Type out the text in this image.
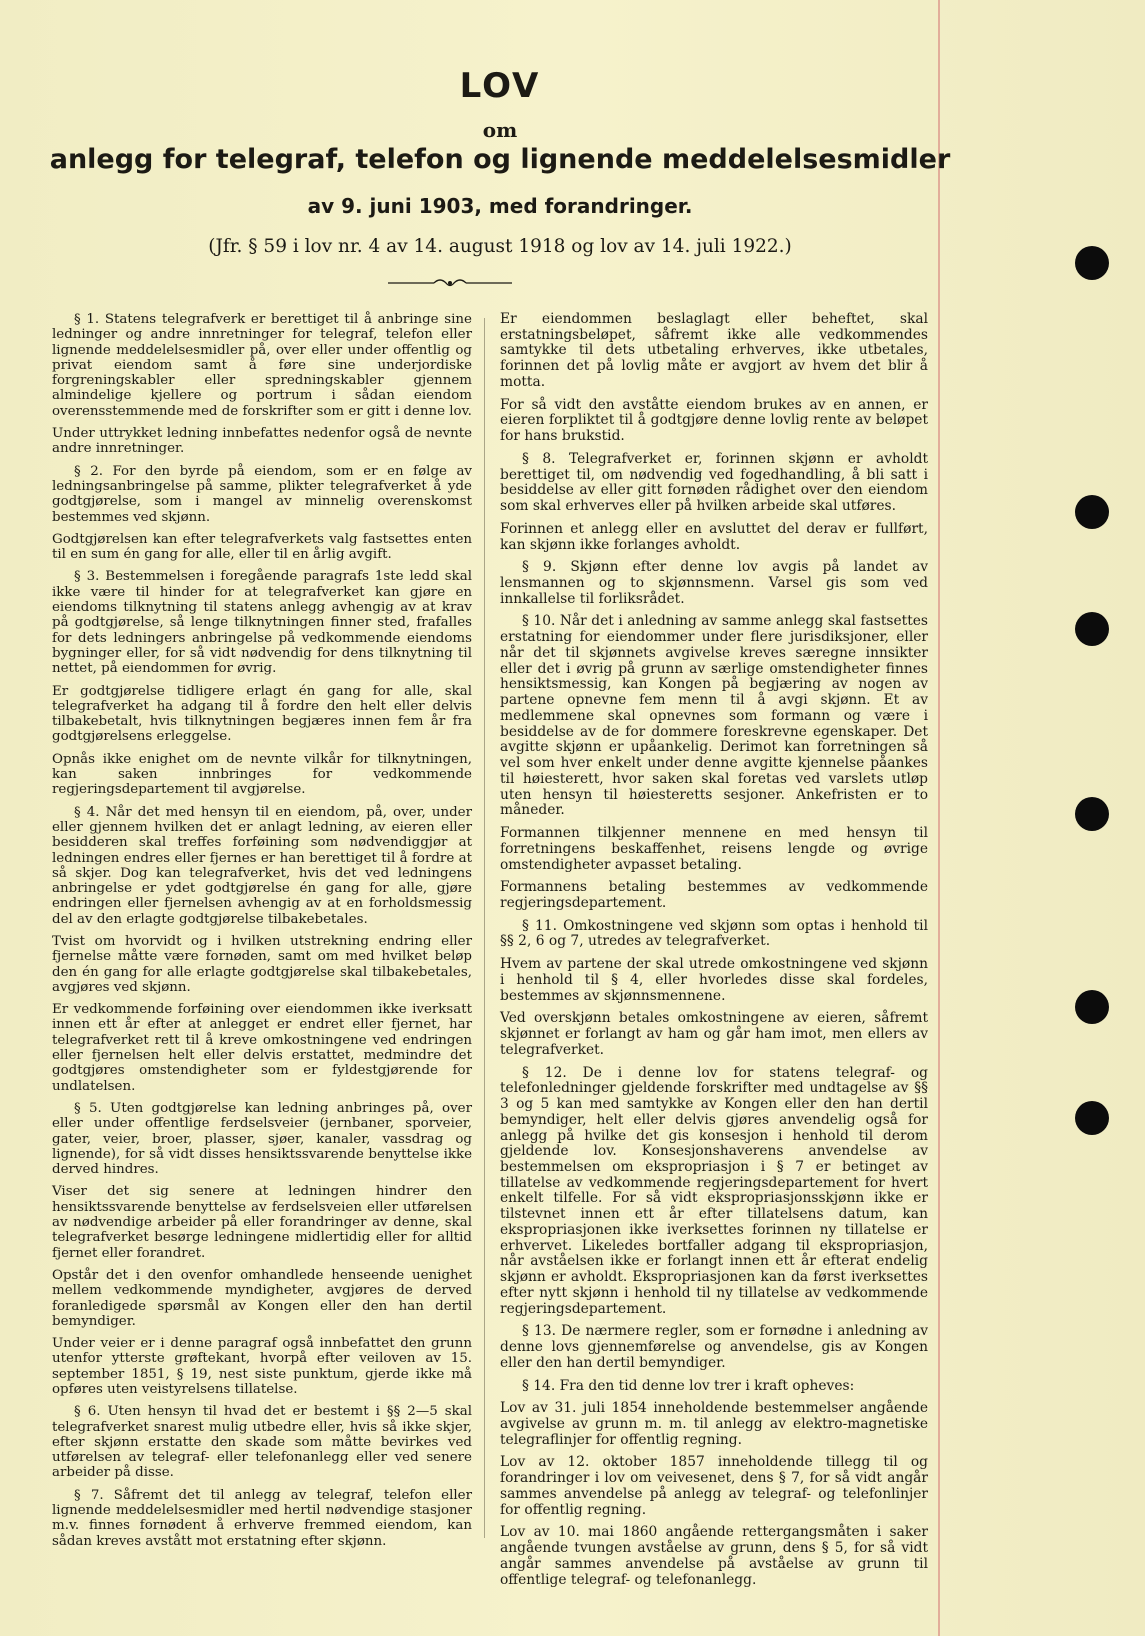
LOV
om
anlegg for telegraf, telefon og lignende meddelelsesmidler
av 9. juni 1903, med forandringer.
(Jfr. § 59 i lov nr. 4 av 14. august 1918 og lov av 14. juli 1922.)

§ 1. Statens telegrafverk er berettiget til å anbringe sine ledninger og andre innretninger for telegraf, telefon eller lignende meddelelsesmidler på, over eller under offentlig og privat eiendom samt å føre sine underjordiske forgreningskabler eller spredningskabler gjennem almindelige kjellere og portrum i sådan eiendom overensstemmende med de forskrifter som er gitt i denne lov.

Under uttrykket ledning innbefattes nedenfor også de nevnte andre innretninger.

§ 2. For den byrde på eiendom, som er en følge av ledningsanbringelse på samme, plikter telegrafverket å yde godtgjørelse, som i mangel av minnelig overenskomst bestemmes ved skjønn.

Godtgjørelsen kan efter telegrafverkets valg fastsettes enten til en sum én gang for alle, eller til en årlig avgift.

§ 3. Bestemmelsen i foregående paragrafs 1ste ledd skal ikke være til hinder for at telegrafverket kan gjøre en eiendoms tilknytning til statens anlegg avhengig av at krav på godtgjørelse, så lenge tilknytningen finner sted, frafalles for dets ledningers anbringelse på vedkommende eiendoms bygninger eller, for så vidt nødvendig for dens tilknytning til nettet, på eiendommen for øvrig.

Er godtgjørelse tidligere erlagt én gang for alle, skal telegrafverket ha adgang til å fordre den helt eller delvis tilbakebetalt, hvis tilknytningen begjæres innen fem år fra godtgjørelsens erleggelse.

Opnås ikke enighet om de nevnte vilkår for tilknytningen, kan saken innbringes for vedkommende regjeringsdepartement til avgjørelse.

§ 4. Når det med hensyn til en eiendom, på, over, under eller gjennem hvilken det er anlagt ledning, av eieren eller besidderen skal treffes forføining som nødvendiggjør at ledningen endres eller fjernes er han berettiget til å fordre at så skjer. Dog kan telegrafverket, hvis det ved ledningens anbringelse er ydet godtgjørelse én gang for alle, gjøre endringen eller fjernelsen avhengig av at en forholdsmessig del av den erlagte godtgjørelse tilbakebetales.

Tvist om hvorvidt og i hvilken utstrekning endring eller fjernelse måtte være fornøden, samt om med hvilket beløp den én gang for alle erlagte godtgjørelse skal tilbakebetales, avgjøres ved skjønn.

Er vedkommende forføining over eiendommen ikke iverksatt innen ett år efter at anlegget er endret eller fjernet, har telegrafverket rett til å kreve omkostningene ved endringen eller fjernelsen helt eller delvis erstattet, medmindre det godtgjøres omstendigheter som er fyldestgjørende for undlatelsen.

§ 5. Uten godtgjørelse kan ledning anbringes på, over eller under offentlige ferdselsveier (jernbaner, sporveier, gater, veier, broer, plasser, sjøer, kanaler, vassdrag og lignende), for så vidt disses hensiktssvarende benyttelse ikke derved hindres.

Viser det sig senere at ledningen hindrer den hensiktssvarende benyttelse av ferdselsveien eller utførelsen av nødvendige arbeider på eller forandringer av denne, skal telegrafverket besørge ledningene midlertidig eller for alltid fjernet eller forandret.

Opstår det i den ovenfor omhandlede henseende uenighet mellem vedkommende myndigheter, avgjøres de derved foranledigede spørsmål av Kongen eller den han dertil bemyndiger.

Under veier er i denne paragraf også innbefattet den grunn utenfor ytterste grøftekant, hvorpå efter veiloven av 15. september 1851, § 19, nest siste punktum, gjerde ikke må opføres uten veistyrelsens tillatelse.

§ 6. Uten hensyn til hvad det er bestemt i §§ 2—5 skal telegrafverket snarest mulig utbedre eller, hvis så ikke skjer, efter skjønn erstatte den skade som måtte bevirkes ved utførelsen av telegraf- eller telefonanlegg eller ved senere arbeider på disse.

§ 7. Såfremt det til anlegg av telegraf, telefon eller lignende meddelelsesmidler med hertil nødvendige stasjoner m.v. finnes fornødent å erhverve fremmed eiendom, kan sådan kreves avstått mot erstatning efter skjønn.

Er eiendommen beslaglagt eller beheftet, skal erstatningsbeløpet, såfremt ikke alle vedkommendes samtykke til dets utbetaling erhverves, ikke utbetales, forinnen det på lovlig måte er avgjort av hvem det blir å motta.

For så vidt den avståtte eiendom brukes av en annen, er eieren forpliktet til å godtgjøre denne lovlig rente av beløpet for hans brukstid.

§ 8. Telegrafverket er, forinnen skjønn er avholdt berettiget til, om nødvendig ved fogedhandling, å bli satt i besiddelse av eller gitt fornøden rådighet over den eiendom som skal erhverves eller på hvilken arbeide skal utføres.

Forinnen et anlegg eller en avsluttet del derav er fullført, kan skjønn ikke forlanges avholdt.

§ 9. Skjønn efter denne lov avgis på landet av lensmannen og to skjønnsmenn. Varsel gis som ved innkallelse til forliksrådet.

§ 10. Når det i anledning av samme anlegg skal fastsettes erstatning for eiendommer under flere jurisdiksjoner, eller når det til skjønnets avgivelse kreves særegne innsikter eller det i øvrig på grunn av særlige omstendigheter finnes hensiktsmessig, kan Kongen på begjæring av nogen av partene opnevne fem menn til å avgi skjønn. Et av medlemmene skal opnevnes som formann og være i besiddelse av de for dommere foreskrevne egenskaper. Det avgitte skjønn er upåankelig. Derimot kan forretningen så vel som hver enkelt under denne avgitte kjennelse påankes til høiesterett, hvor saken skal foretas ved varslets utløp uten hensyn til høiesteretts sesjoner. Ankefristen er to måneder.

Formannen tilkjenner mennene en med hensyn til forretningens beskaffenhet, reisens lengde og øvrige omstendigheter avpasset betaling.

Formannens betaling bestemmes av vedkommende regjeringsdepartement.

§ 11. Omkostningene ved skjønn som optas i henhold til §§ 2, 6 og 7, utredes av telegrafverket.

Hvem av partene der skal utrede omkostningene ved skjønn i henhold til § 4, eller hvorledes disse skal fordeles, bestemmes av skjønnsmennene.

Ved overskjønn betales omkostningene av eieren, såfremt skjønnet er forlangt av ham og går ham imot, men ellers av telegrafverket.

§ 12. De i denne lov for statens telegraf- og telefonledninger gjeldende forskrifter med undtagelse av §§ 3 og 5 kan med samtykke av Kongen eller den han dertil bemyndiger, helt eller delvis gjøres anvendelig også for anlegg på hvilke det gis konsesjon i henhold til derom gjeldende lov. Konsesjonshaverens anvendelse av bestemmelsen om ekspropriasjon i § 7 er betinget av tillatelse av vedkommende regjeringsdepartement for hvert enkelt tilfelle. For så vidt ekspropriasjonsskjønn ikke er tilstevnet innen ett år efter tillatelsens datum, kan ekspropriasjonen ikke iverksettes forinnen ny tillatelse er erhvervet. Likeledes bortfaller adgang til ekspropriasjon, når avståelsen ikke er forlangt innen ett år efterat endelig skjønn er avholdt. Ekspropriasjonen kan da først iverksettes efter nytt skjønn i henhold til ny tillatelse av vedkommende regjeringsdepartement.

§ 13. De nærmere regler, som er fornødne i anledning av denne lovs gjennemførelse og anvendelse, gis av Kongen eller den han dertil bemyndiger.

§ 14. Fra den tid denne lov trer i kraft opheves:

Lov av 31. juli 1854 inneholdende bestemmelser angående avgivelse av grunn m. m. til anlegg av elektro-magnetiske telegraflinjer for offentlig regning.

Lov av 12. oktober 1857 inneholdende tillegg til og forandringer i lov om veivesenet, dens § 7, for så vidt angår sammes anvendelse på anlegg av telegraf- og telefonlinjer for offentlig regning.

Lov av 10. mai 1860 angående rettergangsmåten i saker angående tvungen avståelse av grunn, dens § 5, for så vidt angår sammes anvendelse på avståelse av grunn til offentlige telegraf- og telefonanlegg.
